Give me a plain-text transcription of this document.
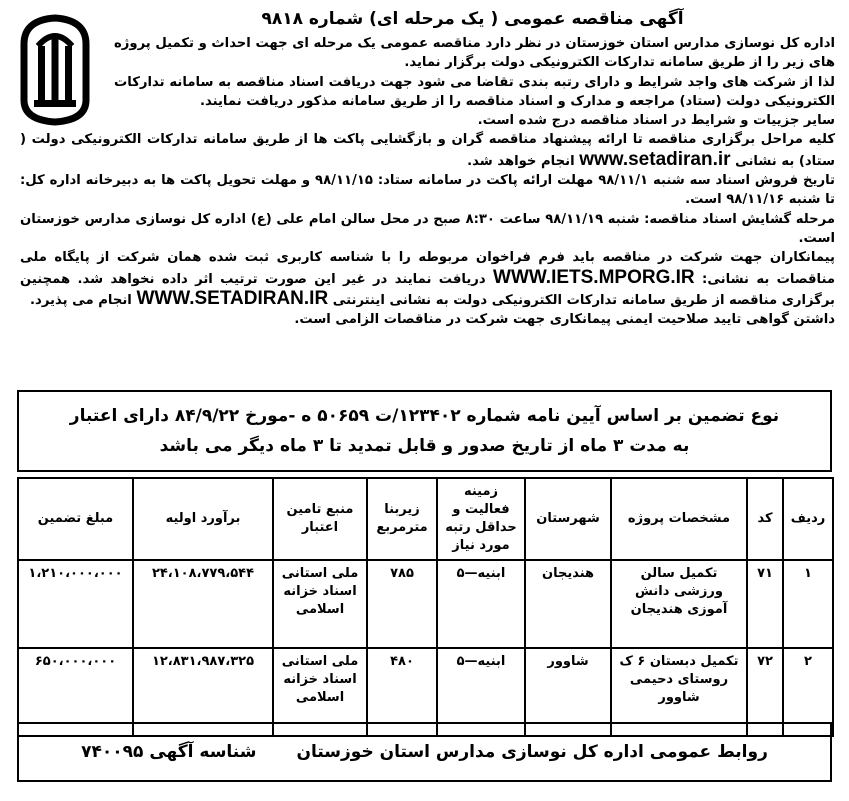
آگهی مناقصه عمومی ( یک مرحله ای) شماره ۹۸۱۸

اداره کل نوسازی مدارس استان خوزستان در نظر دارد مناقصه عمومی یک مرحله ای جهت احداث و تکمیل پروژه های زیر را از طریق سامانه تدارکات الکترونیکی دولت برگزار نماید.

لذا از شرکت های واجد شرایط و دارای رتبه بندی تقاضا می شود جهت دریافت اسناد مناقصه به سامانه تدارکات الکترونیکی دولت (ستاد) مراجعه و مدارک و اسناد مناقصه را از طریق سامانه مذکور دریافت نمایند.

سایر جزییات و شرایط در اسناد مناقصه درج شده است.

کلیه مراحل برگزاری مناقصه تا ارائه پیشنهاد مناقصه گران و بازگشایی پاکت ها از طریق سامانه تدارکات الکترونیکی دولت ( ستاد) به نشانی www.setadiran.ir انجام خواهد شد.

تاریخ فروش اسناد سه شنبه ۹۸/۱۱/۱ مهلت ارائه پاکت در سامانه ستاد: ۹۸/۱۱/۱۵ و مهلت تحویل پاکت ها به دبیرخانه اداره کل: تا شنبه ۹۸/۱۱/۱۶ است.

مرحله گشایش اسناد مناقصه: شنبه ۹۸/۱۱/۱۹ ساعت ۸:۳۰ صبح در محل سالن امام علی (ع) اداره کل نوسازی مدارس خوزستان است.

پیمانکاران جهت شرکت در مناقصه باید فرم فراخوان مربوطه را با شناسه کاربری ثبت شده همان شرکت از پایگاه ملی مناقصات به نشانی: WWW.IETS.MPORG.IR دریافت نمایند در غیر این صورت ترتیب اثر داده نخواهد شد. همچنین برگزاری مناقصه از طریق سامانه تدارکات الکترونیکی دولت به نشانی اینترنتی WWW.SETADIRAN.IR انجام می پذیرد.

داشتن گواهی تایید صلاحیت ایمنی پیمانکاری جهت شرکت در مناقصات الزامی است.

نوع تضمین بر اساس آیین نامه شماره ۱۲۳۴۰۲/ت ۵۰۶۵۹ ه -مورخ ۸۴/۹/۲۲ دارای اعتبار
به مدت ۳ ماه از تاریخ صدور و قابل تمدید تا ۳ ماه دیگر می باشد
ردیف	کد	مشخصات پروژه	شهرستان	زمینه فعالیت و حداقل رتبه مورد نیاز	زیربنا مترمربع	منبع تامین اعتبار	برآورد اولیه	مبلغ تضمین
۱	۷۱	تکمیل سالن ورزشی دانش آموزی هندیجان	هندیجان	ابنیه—۵	۷۸۵	ملی استانی اسناد خزانه اسلامی	۲۴،۱۰۸،۷۷۹،۵۴۴	۱،۲۱۰،۰۰۰،۰۰۰
۲	۷۲	تکمیل دبستان ۶ ک روستای دحیمی شاوور	شاوور	ابنیه—۵	۴۸۰	ملی استانی اسناد خزانه اسلامی	۱۲،۸۳۱،۹۸۷،۳۲۵	۶۵۰،۰۰۰،۰۰۰
روابط عمومی اداره کل نوسازی مدارس استان خوزستان
شناسه آگهی ۷۴۰۰۹۵
